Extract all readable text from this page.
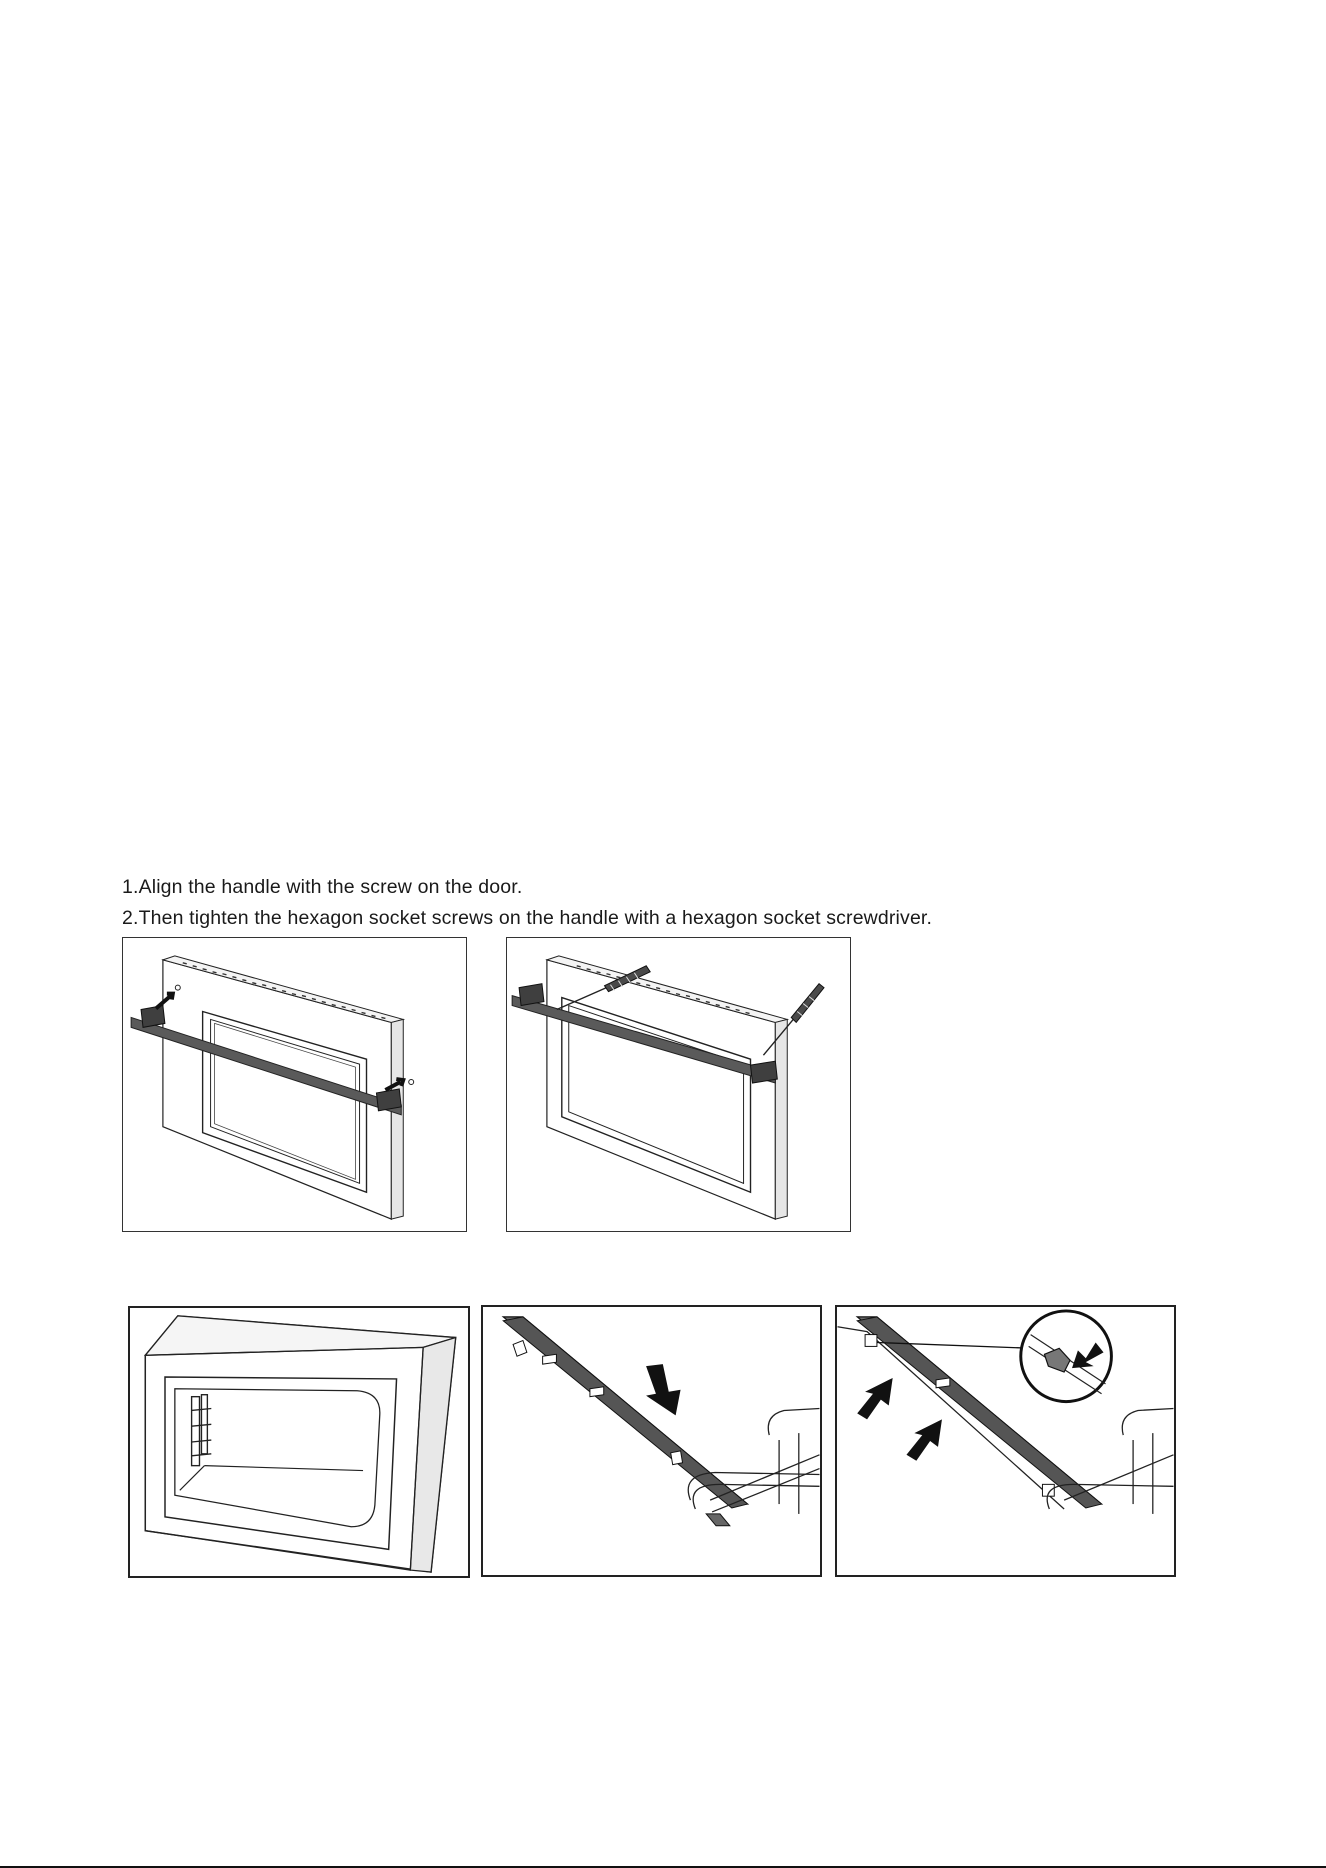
1.Align the handle with the screw on the door.
2.Then tighten the hexagon socket screws on the handle with a hexagon socket screwdriver.
